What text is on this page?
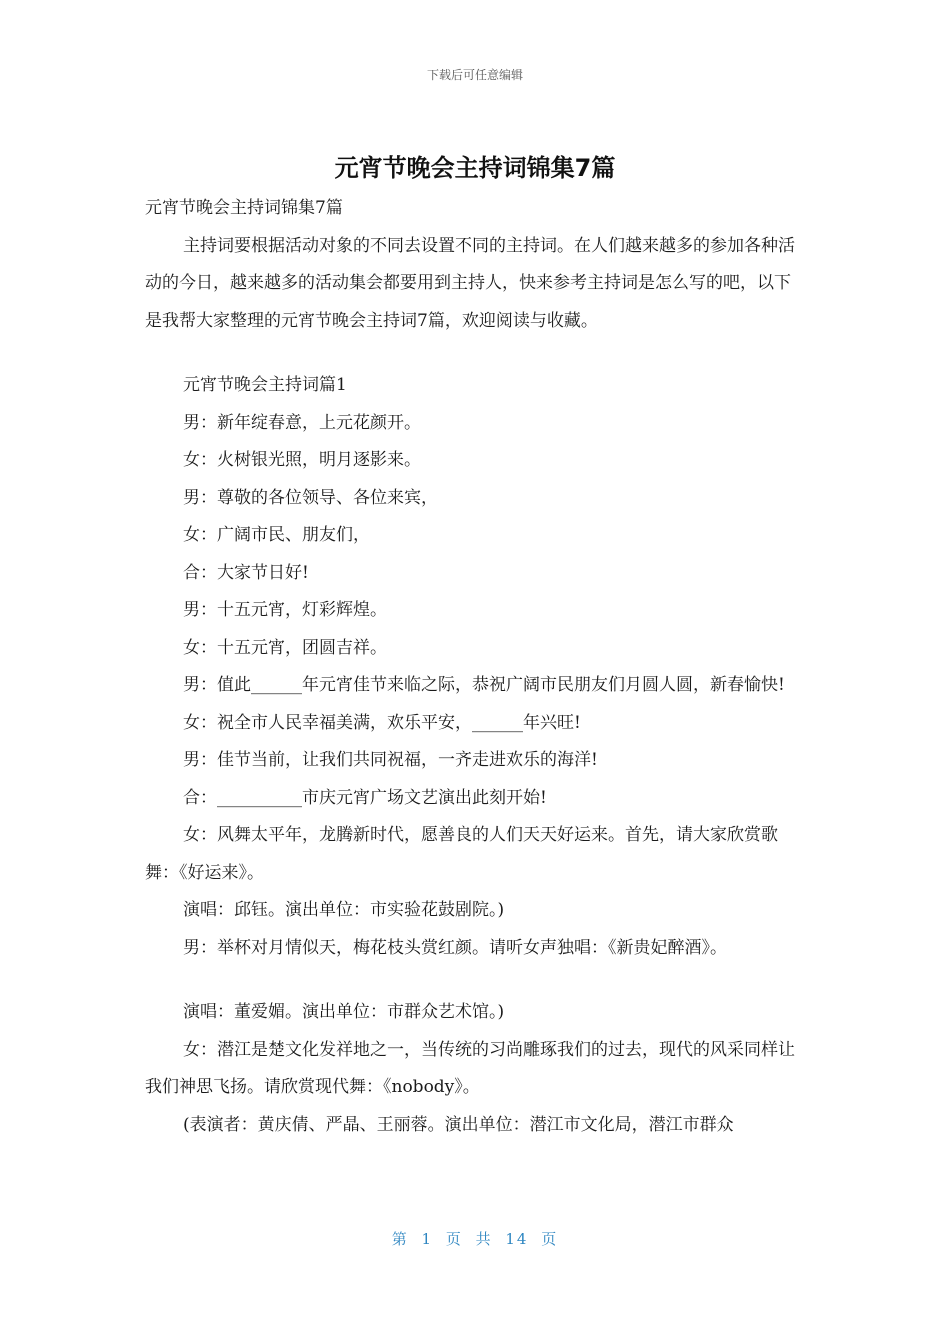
下载后可任意编辑
元宵节晚会主持词锦集7篇

元宵节晚会主持词锦集7篇

主持词要根据活动对象的不同去设置不同的主持词。在人们越来越多的参加各种活动的今日，越来越多的活动集会都要用到主持人，快来参考主持词是怎么写的吧，以下是我帮大家整理的元宵节晚会主持词7篇，欢迎阅读与收藏。

元宵节晚会主持词篇1

男：新年绽春意，上元花颜开。

女：火树银光照，明月逐影来。

男：尊敬的各位领导、各位来宾，

女：广阔市民、朋友们，

合：大家节日好!

男：十五元宵，灯彩辉煌。

女：十五元宵，团圆吉祥。

男：值此______年元宵佳节来临之际，恭祝广阔市民朋友们月圆人圆，新春愉快!

女：祝全市人民幸福美满，欢乐平安，______年兴旺!

男：佳节当前，让我们共同祝福，一齐走进欢乐的海洋!

合：__________市庆元宵广场文艺演出此刻开始!

女：风舞太平年，龙腾新时代，愿善良的人们天天好运来。首先，请大家欣赏歌舞：《好运来》。

演唱：邱钰。演出单位：市实验花鼓剧院。)

男：举杯对月情似天，梅花枝头赏红颜。请听女声独唱：《新贵妃醉酒》。

演唱：董爱媚。演出单位：市群众艺术馆。)

女：潜江是楚文化发祥地之一，当传统的习尚雕琢我们的过去，现代的风采同样让我们神思飞扬。请欣赏现代舞：《nobody》。

(表演者：黄庆倩、严晶、王丽蓉。演出单位：潜江市文化局，潜江市群众

第 1 页 共 14 页
